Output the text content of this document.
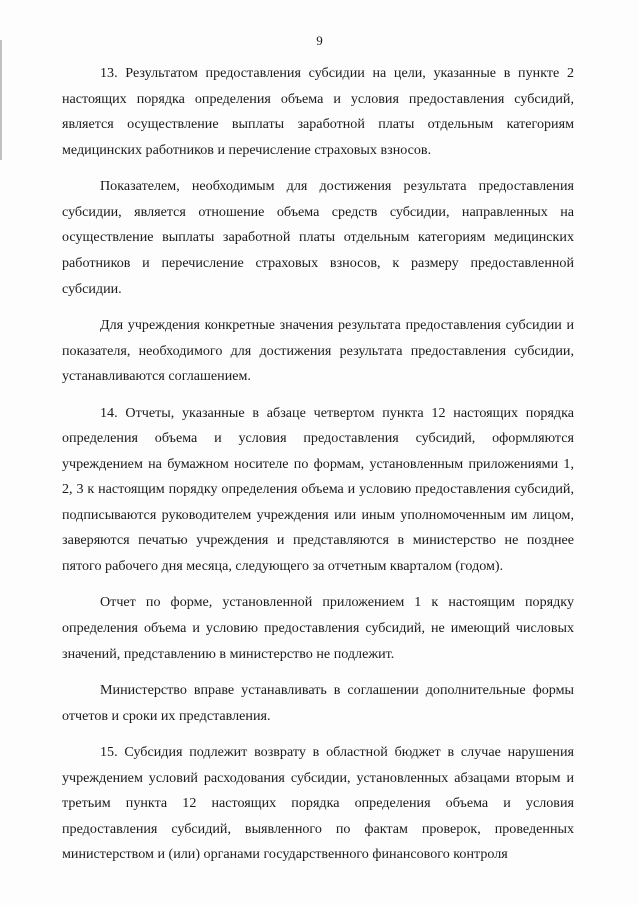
9

13. Результатом предоставления субсидии на цели, указанные в пункте 2 настоящих порядка определения объема и условия предоставления субсидий, является осуществление выплаты заработной платы отдельным категориям медицинских работников и перечисление страховых взносов.

Показателем, необходимым для достижения результата предоставления субсидии, является отношение объема средств субсидии, направленных на осуществление выплаты заработной платы отдельным категориям медицинских работников и перечисление страховых взносов, к размеру предоставленной субсидии.

Для учреждения конкретные значения результата предоставления субсидии и показателя, необходимого для достижения результата предоставления субсидии, устанавливаются соглашением.

14. Отчеты, указанные в абзаце четвертом пункта 12 настоящих порядка определения объема и условия предоставления субсидий, оформляются учреждением на бумажном носителе по формам, установленным приложениями 1, 2, 3 к настоящим порядку определения объема и условию предоставления субсидий, подписываются руководителем учреждения или иным уполномоченным им лицом, заверяются печатью учреждения и представляются в министерство не позднее пятого рабочего дня месяца, следующего за отчетным кварталом (годом).

Отчет по форме, установленной приложением 1 к настоящим порядку определения объема и условию предоставления субсидий, не имеющий числовых значений, представлению в министерство не подлежит.

Министерство вправе устанавливать в соглашении дополнительные формы отчетов и сроки их представления.

15. Субсидия подлежит возврату в областной бюджет в случае нарушения учреждением условий расходования субсидии, установленных абзацами вторым и третьим пункта 12 настоящих порядка определения объема и условия предоставления субсидий, выявленного по фактам проверок, проведенных министерством и (или) органами государственного финансового контроля
